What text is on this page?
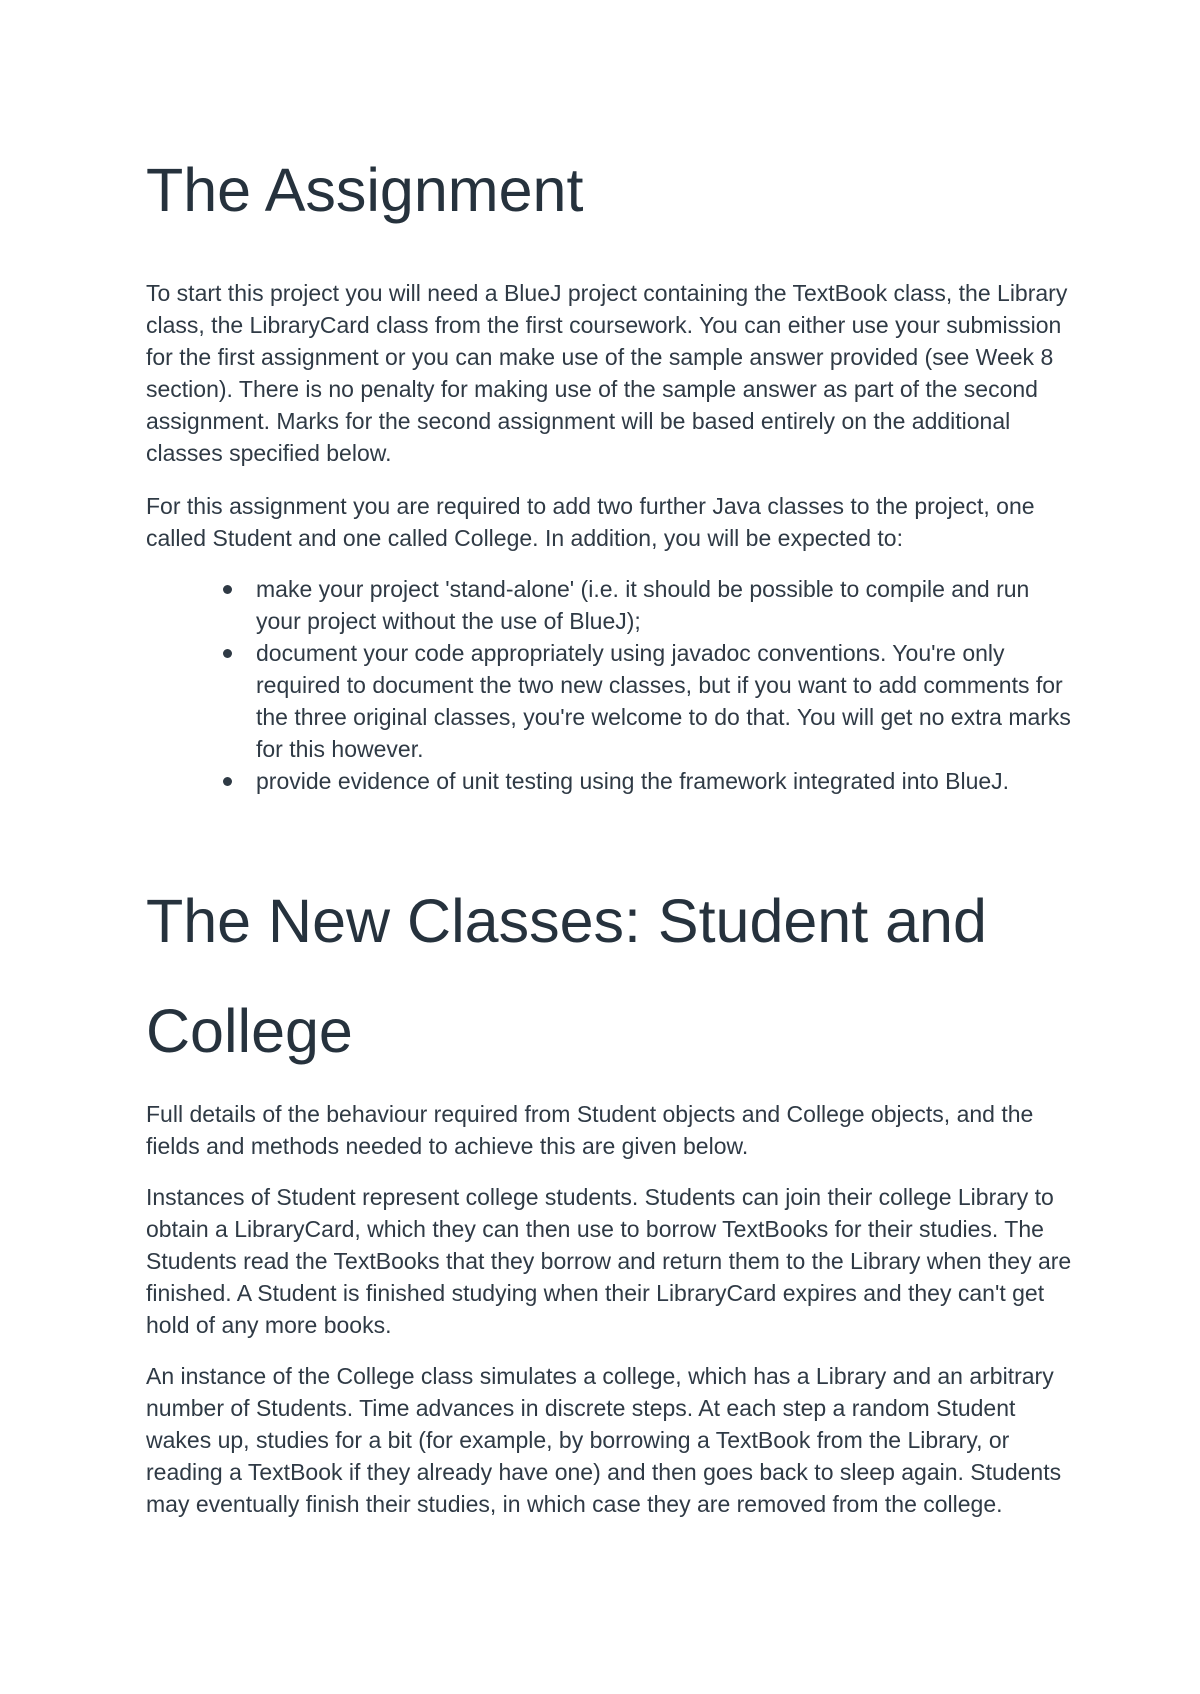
The Assignment

To start this project you will need a BlueJ project containing the TextBook class, the Library class, the LibraryCard class from the first coursework. You can either use your submission for the first assignment or you can make use of the sample answer provided (see Week 8 section). There is no penalty for making use of the sample answer as part of the second assignment. Marks for the second assignment will be based entirely on the additional classes specified below.

For this assignment you are required to add two further Java classes to the project, one called Student and one called College. In addition, you will be expected to:

make your project 'stand-alone' (i.e. it should be possible to compile and run your project without the use of BlueJ);
document your code appropriately using javadoc conventions. You're only required to document the two new classes, but if you want to add comments for the three original classes, you're welcome to do that. You will get no extra marks for this however.
provide evidence of unit testing using the framework integrated into BlueJ.
The New Classes: Student and College

Full details of the behaviour required from Student objects and College objects, and the fields and methods needed to achieve this are given below.

Instances of Student represent college students. Students can join their college Library to obtain a LibraryCard, which they can then use to borrow TextBooks for their studies. The Students read the TextBooks that they borrow and return them to the Library when they are finished. A Student is finished studying when their LibraryCard expires and they can't get hold of any more books.

An instance of the College class simulates a college, which has a Library and an arbitrary number of Students. Time advances in discrete steps. At each step a random Student wakes up, studies for a bit (for example, by borrowing a TextBook from the Library, or reading a TextBook if they already have one) and then goes back to sleep again. Students may eventually finish their studies, in which case they are removed from the college.
